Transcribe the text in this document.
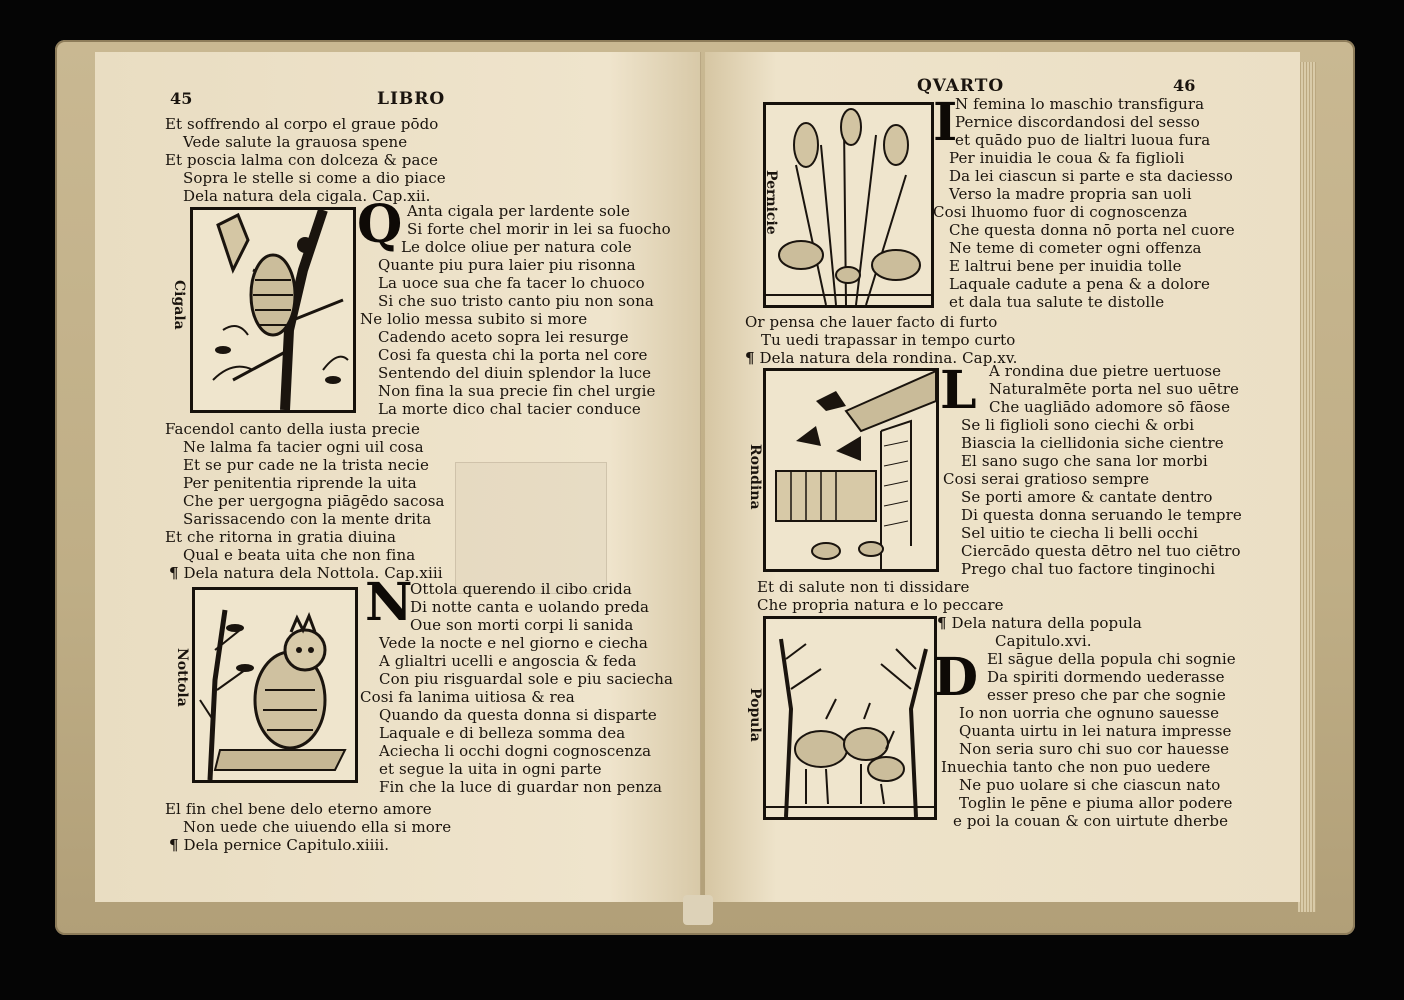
45	LIBRO
Et soffrendo al corpo el graue pōdo
Vede salute la grauosa spene
Et poscia lalma con dolceza & pace
Sopra le stelle si come a dio piace
Dela natura dela cigala. Cap.xii.
Cigala
Q Anta cigala per lardente sole
Si forte chel morir in lei sa fuocho
Le dolce oliue per natura cole
Quante piu pura laier piu risonna
La uoce sua che fa tacer lo chuoco
Si che suo tristo canto piu non sona
Ne lolio messa subito si more
Cadendo aceto sopra lei resurge
Cosi fa questa chi la porta nel core
Sentendo del diuin splendor la luce
Non fina la sua precie fin chel urgie
La morte dico chal tacier conduce
Facendol canto della iusta precie
Ne lalma fa tacier ogni uil cosa
Et se pur cade ne la trista necie
Per penitentia riprende la uita
Che per uergogna piāgēdo sacosa
Sarissacendo con la mente drita
Et che ritorna in gratia diuina
Qual e beata uita che non fina
¶ Dela natura dela Nottola. Cap.xiii
Nottola
N
Ottola querendo il cibo crida
Di notte canta e uolando preda
Oue son morti corpi li sanida
Vede la nocte e nel giorno e ciecha
A glialtri ucelli e angoscia & feda
Con piu risguardal sole e piu saciecha
Cosi fa lanima uitiosa & rea
Quando da questa donna si disparte
Laquale e di belleza somma dea
Aciecha li occhi dogni cognoscenza
et segue la uita in ogni parte
Fin che la luce di guardar non penza
El fin chel bene delo eterno amore
Non uede che uiuendo ella si more
¶ Dela pernice Capitulo.xiiii.
QVARTO	46
Pernicie
I
N femina lo maschio transfigura
Pernice discordandosi del sesso
et quādo puo de lialtri luoua fura
Per inuidia le coua & fa figlioli
Da lei ciascun si parte e sta daciesso
Verso la madre propria san uoli
Cosi lhuomo fuor di cognoscenza
Che questa donna nō porta nel cuore
Ne teme di cometer ogni offenza
E laltrui bene per inuidia tolle
Laquale cadute a pena & a dolore
et dala tua salute te distolle
Or pensa che lauer facto di furto
Tu uedi trapassar in tempo curto
¶ Dela natura dela rondina. Cap.xv.
Rondina
L A rondina due pietre uertuose
Naturalmēte porta nel suo uētre
Che uagliādo adomore sō fāose
Se li figlioli sono ciechi & orbi
Biascia la ciellidonia siche cientre
El sano sugo che sana lor morbi
Cosi serai gratioso sempre
Se porti amore & cantate dentro
Di questa donna seruando le tempre
Sel uitio te ciecha li belli occhi
Ciercādo questa dētro nel tuo ciētro
Prego chal tuo factore tinginochi
Et di salute non ti dissidare
Che propria natura e lo peccare
¶ Dela natura della popula
Capitulo.xvi.
Popula
D El sāgue della popula chi sognie
Da spiriti dormendo uederasse
esser preso che par che sognie
Io non uorria che ognuno sauesse
Quanta uirtu in lei natura impresse
Non seria suro chi suo cor hauesse
Inuechia tanto che non puo uedere
Ne puo uolare si che ciascun nato
Toglin le pēne e piuma allor podere
e poi la couan & con uirtute dherbe
